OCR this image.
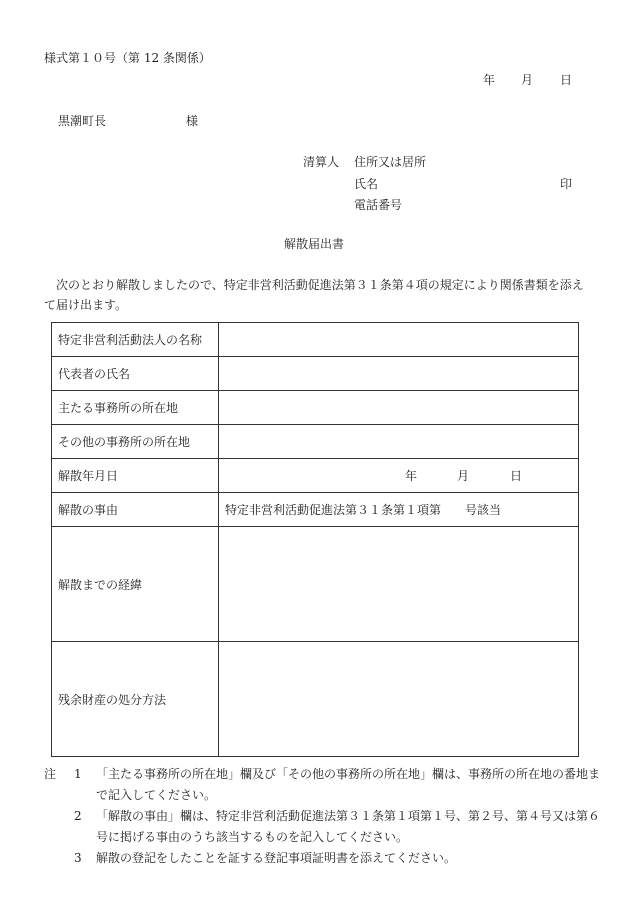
様式第１０号（第 12 条関係）
年 月 日
黒潮町長	様
清算人 住所又は居所
氏名	印
電話番号
解散届出書
次のとおり解散しましたので、特定非営利活動促進法第３１条第４項の規定により関係書類を添えて届け出ます。
特定非営利活動法人の名称	
代表者の氏名	
主たる事務所の所在地	
その他の事務所の所在地	
解散年月日	年 月 日

解散の事由	特定非営利活動促進法第３１条第１項第　　号該当
解散までの経緯	
残余財産の処分方法	
注 1 「主たる事務所の所在地」欄及び「その他の事務所の所在地」欄は、事務所の所在地の番地まで記入してください。
2 「解散の事由」欄は、特定非営利活動促進法第３１条第１項第１号、第２号、第４号又は第６号に掲げる事由のうち該当するものを記入してください。
3 解散の登記をしたことを証する登記事項証明書を添えてください。
